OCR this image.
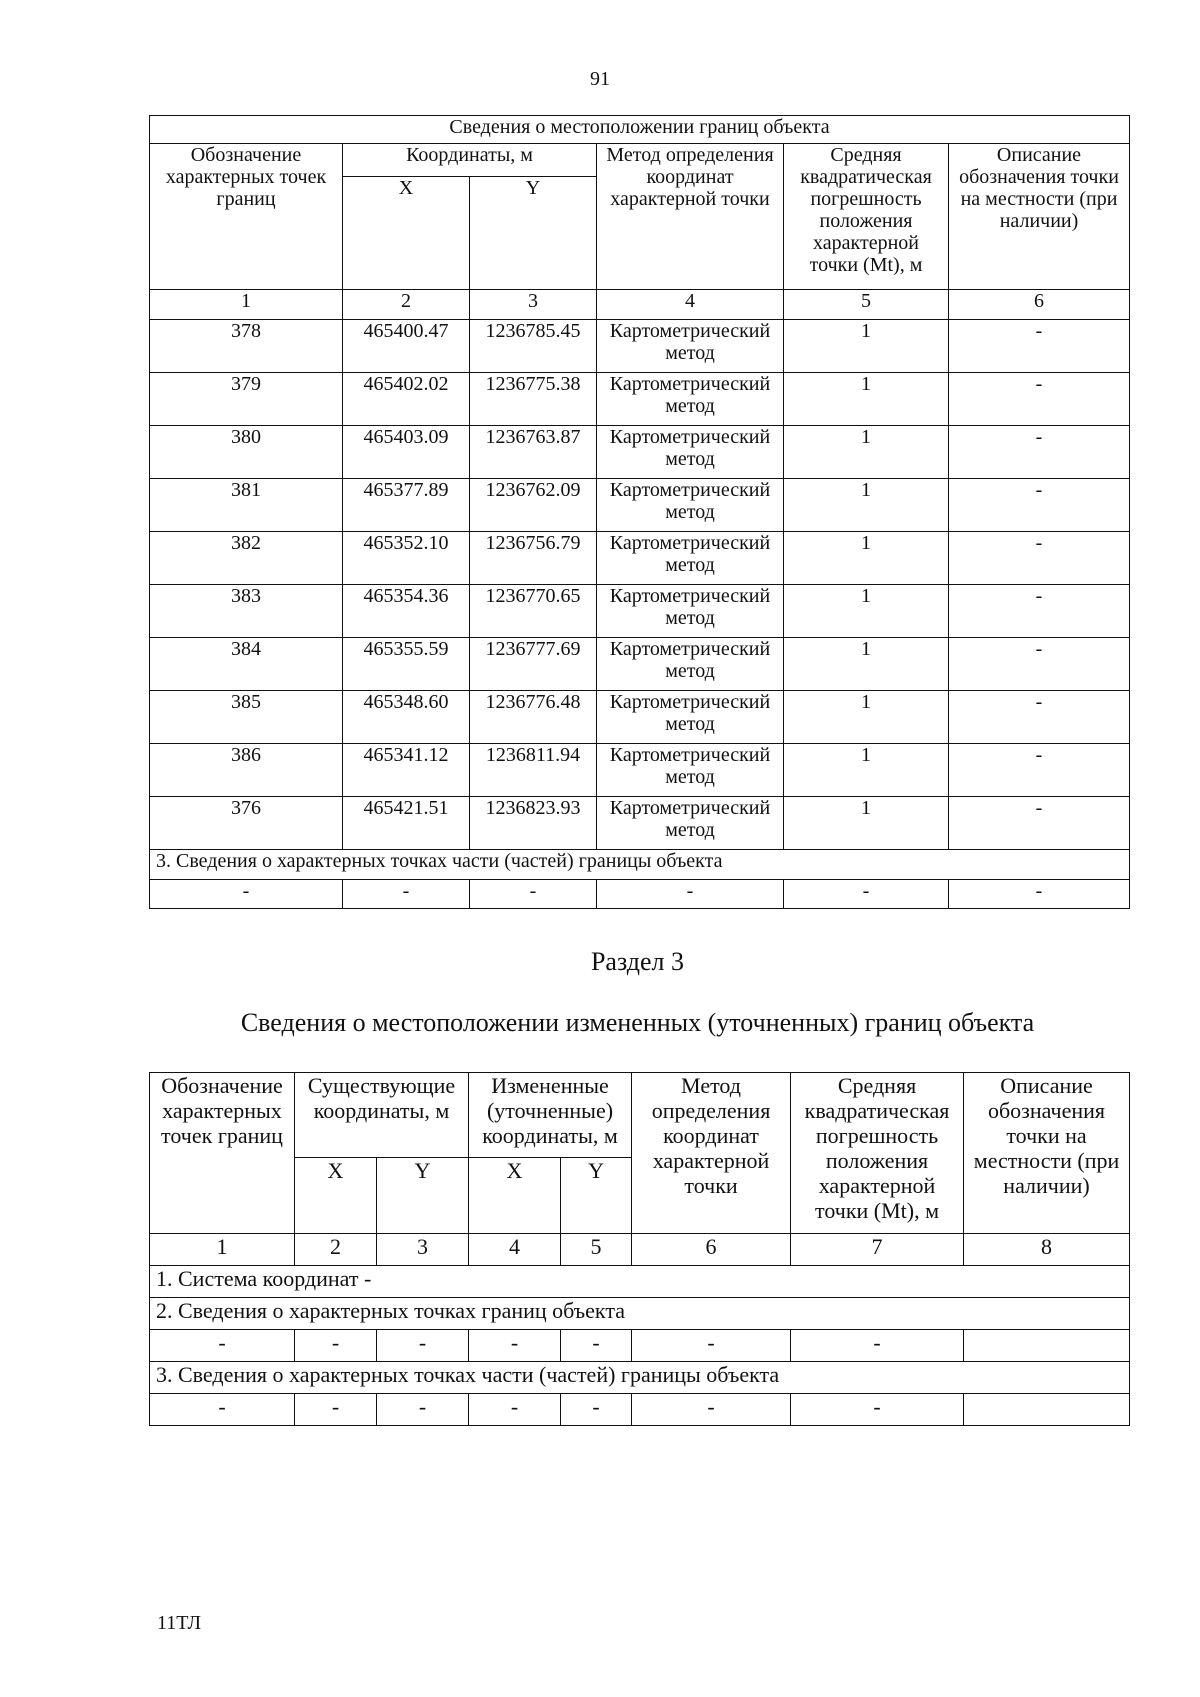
91
Сведения о местоположении границ объекта					
Обозначение характерных точек границ	Координаты, м		Метод определения координат характерной точки	Средняя квадратическая погрешность положения характерной точки (Mt), м	Описание обозначения точки на местности (при наличии)
	X	Y			
1	2	3	4	5	6
378	465400.47	1236785.45	Картометрический метод	1	-
379	465402.02	1236775.38	Картометрический метод	1	-
380	465403.09	1236763.87	Картометрический метод	1	-
381	465377.89	1236762.09	Картометрический метод	1	-
382	465352.10	1236756.79	Картометрический метод	1	-
383	465354.36	1236770.65	Картометрический метод	1	-
384	465355.59	1236777.69	Картометрический метод	1	-
385	465348.60	1236776.48	Картометрический метод	1	-
386	465341.12	1236811.94	Картометрический метод	1	-
376	465421.51	1236823.93	Картометрический метод	1	-
3. Сведения о характерных точках части (частей) границы объекта					
-	-	-	-	-	-
Раздел 3
Сведения о местоположении измененных (уточненных) границ объекта
Обозначение характерных точек границ	Существующие координаты, м		Измененные (уточненные) координаты, м		Метод определения координат характерной точки	Средняя квадратическая погрешность положения характерной точки (Mt), м	Описание обозначения точки на местности (при наличии)
	X	Y	X	Y			
1	2	3	4	5	6	7	8
1. Система координат -							
2. Сведения о характерных точках границ объекта							
-	-	-	-	-	-	-	
3. Сведения о характерных точках части (частей) границы объекта							
-	-	-	-	-	-	-	
11ТЛ
